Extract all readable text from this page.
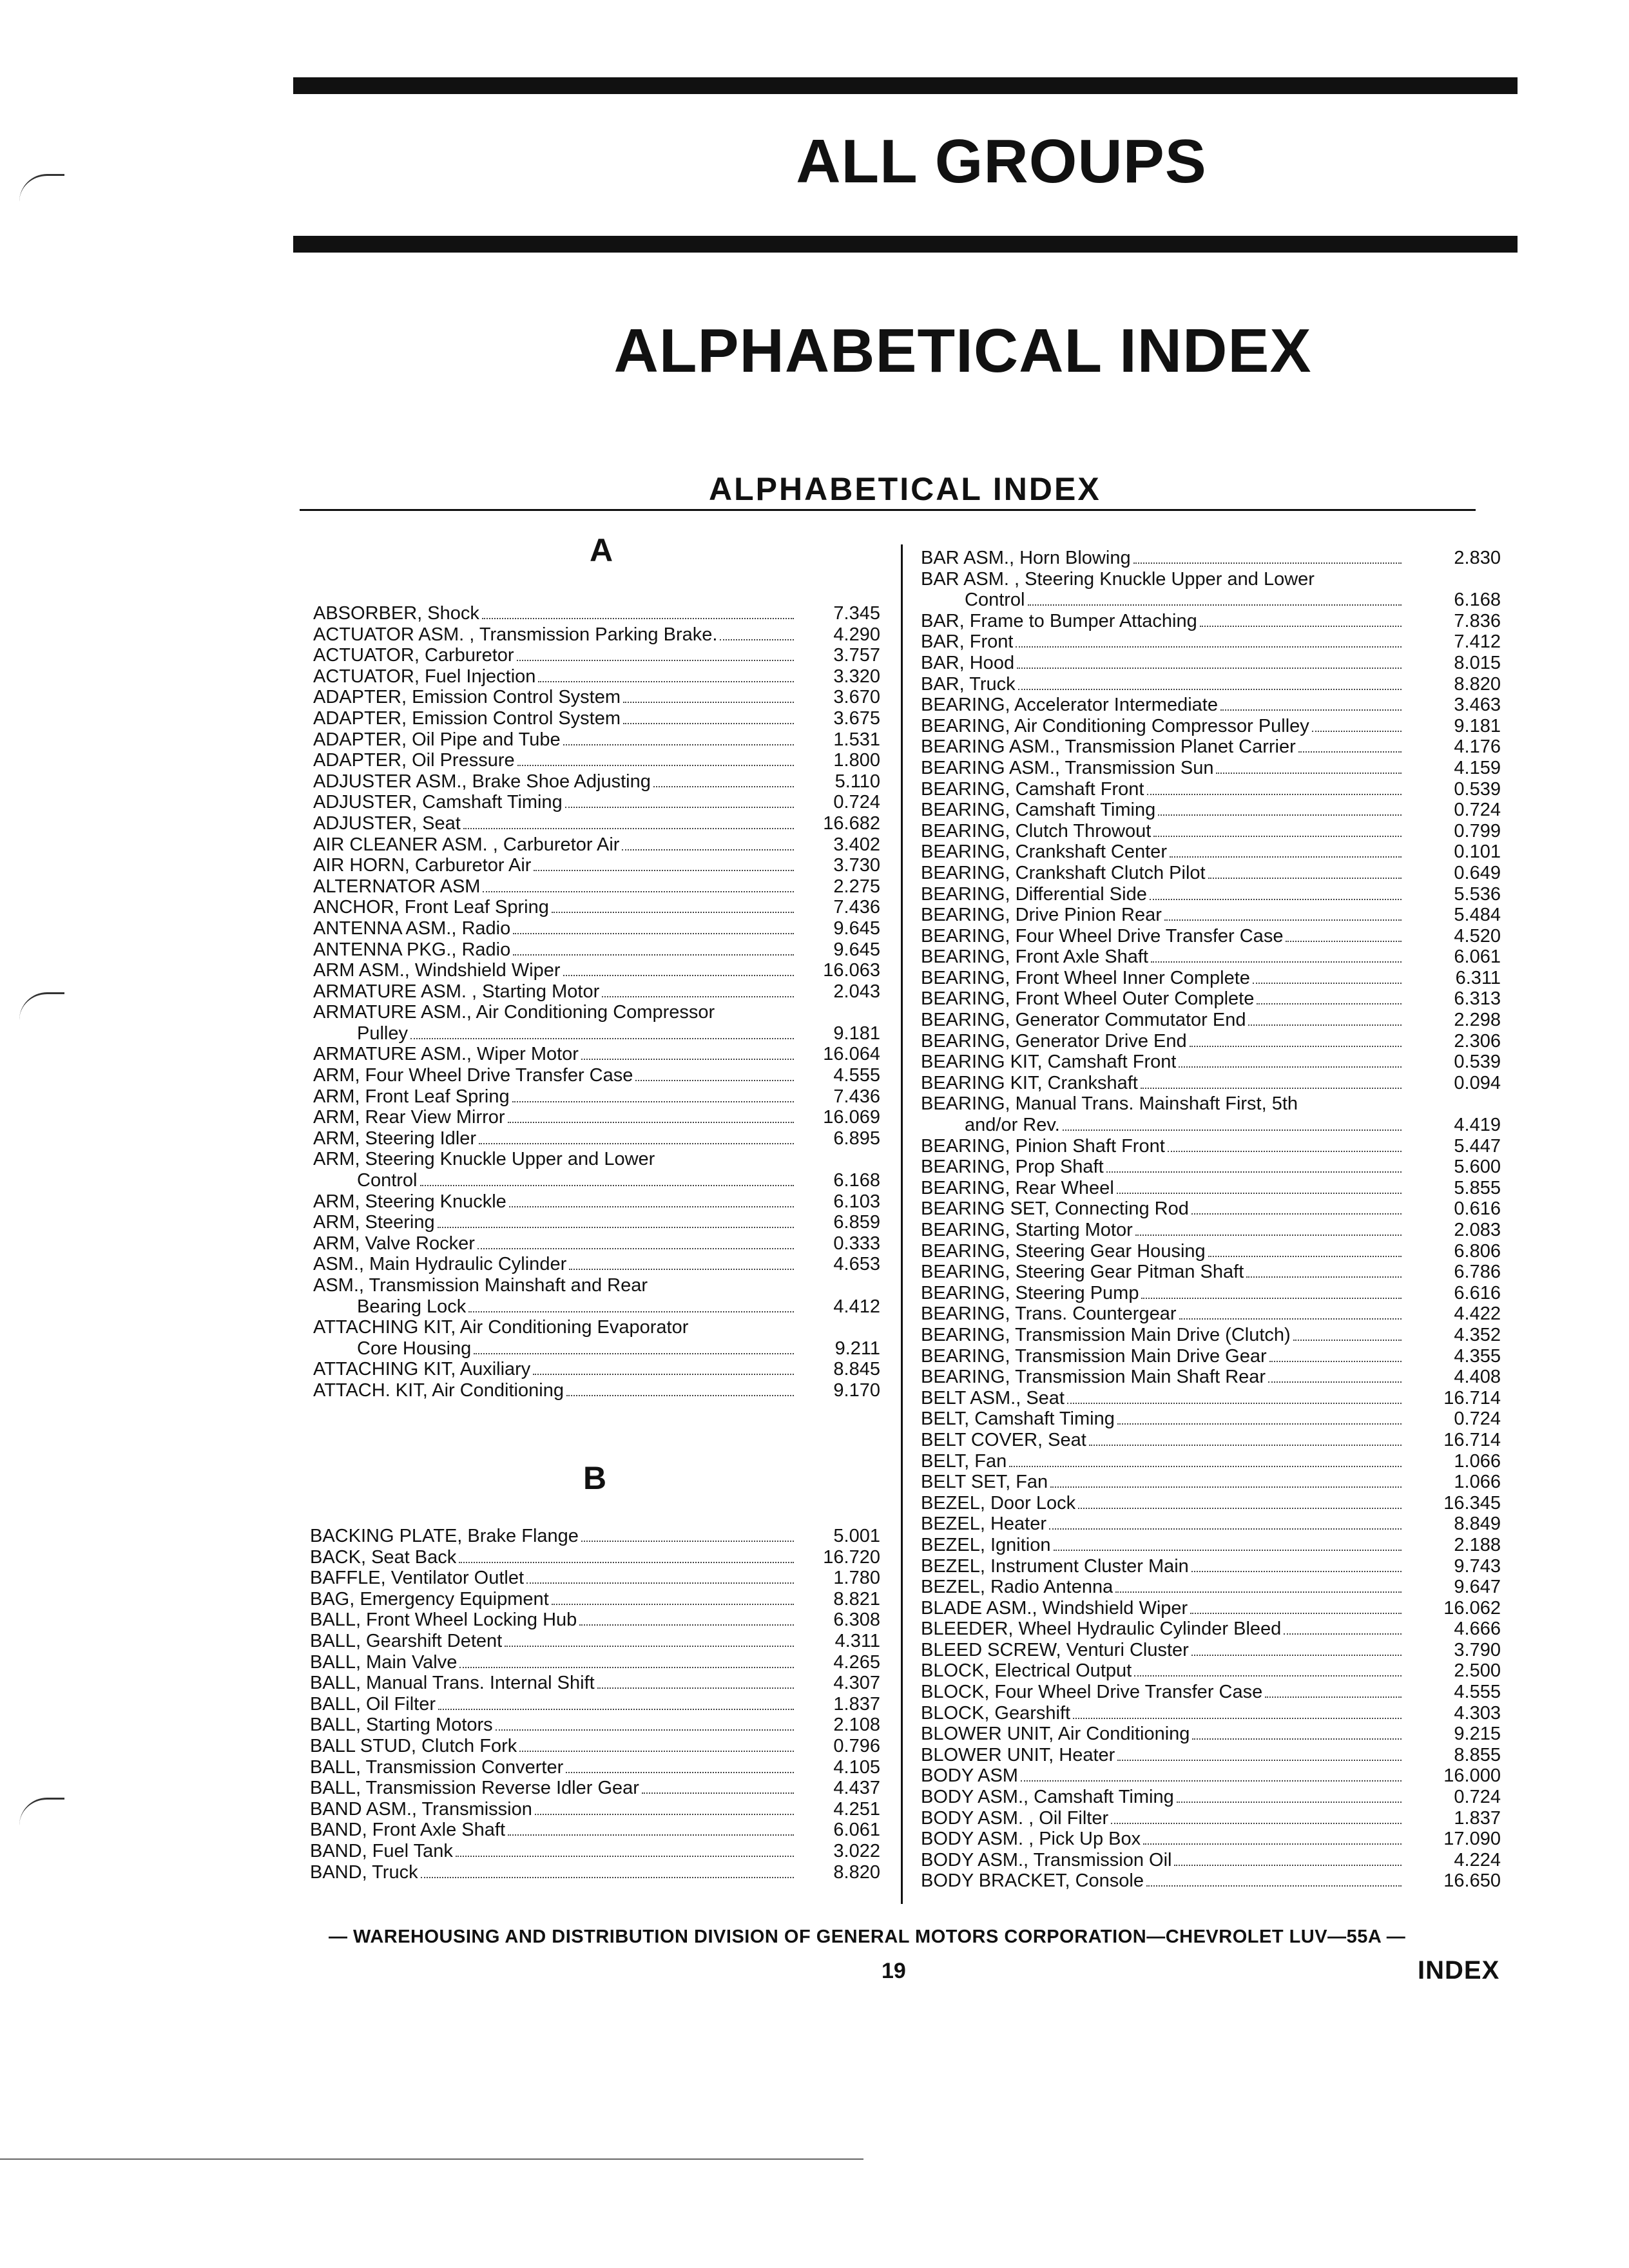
ALL GROUPS
ALPHABETICAL INDEX
ALPHABETICAL INDEX
A
B
ABSORBER, Shock	7.345
ACTUATOR ASM. , Transmission Parking Brake.	4.290
ACTUATOR, Carburetor	3.757
ACTUATOR, Fuel Injection	3.320
ADAPTER, Emission Control System	3.670
ADAPTER, Emission Control System	3.675
ADAPTER, Oil Pipe and Tube	1.531
ADAPTER, Oil Pressure	1.800
ADJUSTER ASM., Brake Shoe Adjusting	5.110
ADJUSTER, Camshaft Timing	0.724
ADJUSTER, Seat	16.682
AIR CLEANER ASM. , Carburetor Air	3.402
AIR HORN, Carburetor Air	3.730
ALTERNATOR ASM	2.275
ANCHOR, Front Leaf Spring	7.436
ANTENNA ASM., Radio	9.645
ANTENNA PKG., Radio	9.645
ARM ASM., Windshield Wiper	16.063
ARMATURE ASM. , Starting Motor	2.043
ARMATURE ASM., Air Conditioning Compressor
Pulley	9.181
ARMATURE ASM., Wiper Motor	16.064
ARM, Four Wheel Drive Transfer Case	4.555
ARM, Front Leaf Spring	7.436
ARM, Rear View Mirror	16.069
ARM, Steering Idler	6.895
ARM, Steering Knuckle Upper and Lower
Control	6.168
ARM, Steering Knuckle	6.103
ARM, Steering	6.859
ARM, Valve Rocker	0.333
ASM., Main Hydraulic Cylinder	4.653
ASM., Transmission Mainshaft and Rear
Bearing Lock	4.412
ATTACHING KIT, Air Conditioning Evaporator
Core Housing	9.211
ATTACHING KIT, Auxiliary	8.845
ATTACH. KIT, Air Conditioning	9.170
BACKING PLATE, Brake Flange	5.001
BACK, Seat Back	16.720
BAFFLE, Ventilator Outlet	1.780
BAG, Emergency Equipment	8.821
BALL, Front Wheel Locking Hub	6.308
BALL, Gearshift Detent	4.311
BALL, Main Valve	4.265
BALL, Manual Trans. Internal Shift	4.307
BALL, Oil Filter	1.837
BALL, Starting Motors	2.108
BALL STUD, Clutch Fork	0.796
BALL, Transmission Converter	4.105
BALL, Transmission Reverse Idler Gear	4.437
BAND ASM., Transmission	4.251
BAND, Front Axle Shaft	6.061
BAND, Fuel Tank	3.022
BAND, Truck	8.820
BAR ASM., Horn Blowing	2.830
BAR ASM. , Steering Knuckle Upper and Lower
Control	6.168
BAR, Frame to Bumper Attaching	7.836
BAR, Front	7.412
BAR, Hood	8.015
BAR, Truck	8.820
BEARING, Accelerator Intermediate	3.463
BEARING, Air Conditioning Compressor Pulley	9.181
BEARING ASM., Transmission Planet Carrier	4.176
BEARING ASM., Transmission Sun	4.159
BEARING, Camshaft Front	0.539
BEARING, Camshaft Timing	0.724
BEARING, Clutch Throwout	0.799
BEARING, Crankshaft Center	0.101
BEARING, Crankshaft Clutch Pilot	0.649
BEARING, Differential Side	5.536
BEARING, Drive Pinion Rear	5.484
BEARING, Four Wheel Drive Transfer Case	4.520
BEARING, Front Axle Shaft	6.061
BEARING, Front Wheel Inner Complete	6.311
BEARING, Front Wheel Outer Complete	6.313
BEARING, Generator Commutator End	2.298
BEARING, Generator Drive End	2.306
BEARING KIT, Camshaft Front	0.539
BEARING KIT, Crankshaft	0.094
BEARING, Manual Trans. Mainshaft First, 5th
and/or Rev.	4.419
BEARING, Pinion Shaft Front	5.447
BEARING, Prop Shaft	5.600
BEARING, Rear Wheel	5.855
BEARING SET, Connecting Rod	0.616
BEARING, Starting Motor	2.083
BEARING, Steering Gear Housing	6.806
BEARING, Steering Gear Pitman Shaft	6.786
BEARING, Steering Pump	6.616
BEARING, Trans. Countergear	4.422
BEARING, Transmission Main Drive (Clutch)	4.352
BEARING, Transmission Main Drive Gear	4.355
BEARING, Transmission Main Shaft Rear	4.408
BELT ASM., Seat	16.714
BELT, Camshaft Timing	0.724
BELT COVER, Seat	16.714
BELT, Fan	1.066
BELT SET, Fan	1.066
BEZEL, Door Lock	16.345
BEZEL, Heater	8.849
BEZEL, Ignition	2.188
BEZEL, Instrument Cluster Main	9.743
BEZEL, Radio Antenna	9.647
BLADE ASM., Windshield Wiper	16.062
BLEEDER, Wheel Hydraulic Cylinder Bleed	4.666
BLEED SCREW, Venturi Cluster	3.790
BLOCK, Electrical Output	2.500
BLOCK, Four Wheel Drive Transfer Case	4.555
BLOCK, Gearshift	4.303
BLOWER UNIT, Air Conditioning	9.215
BLOWER UNIT, Heater	8.855
BODY ASM	16.000
BODY ASM., Camshaft Timing	0.724
BODY ASM. , Oil Filter	1.837
BODY ASM. , Pick Up Box	17.090
BODY ASM., Transmission Oil	4.224
BODY BRACKET, Console	16.650
— WAREHOUSING AND DISTRIBUTION DIVISION OF GENERAL MOTORS CORPORATION—CHEVROLET LUV—55A —
19	INDEX
